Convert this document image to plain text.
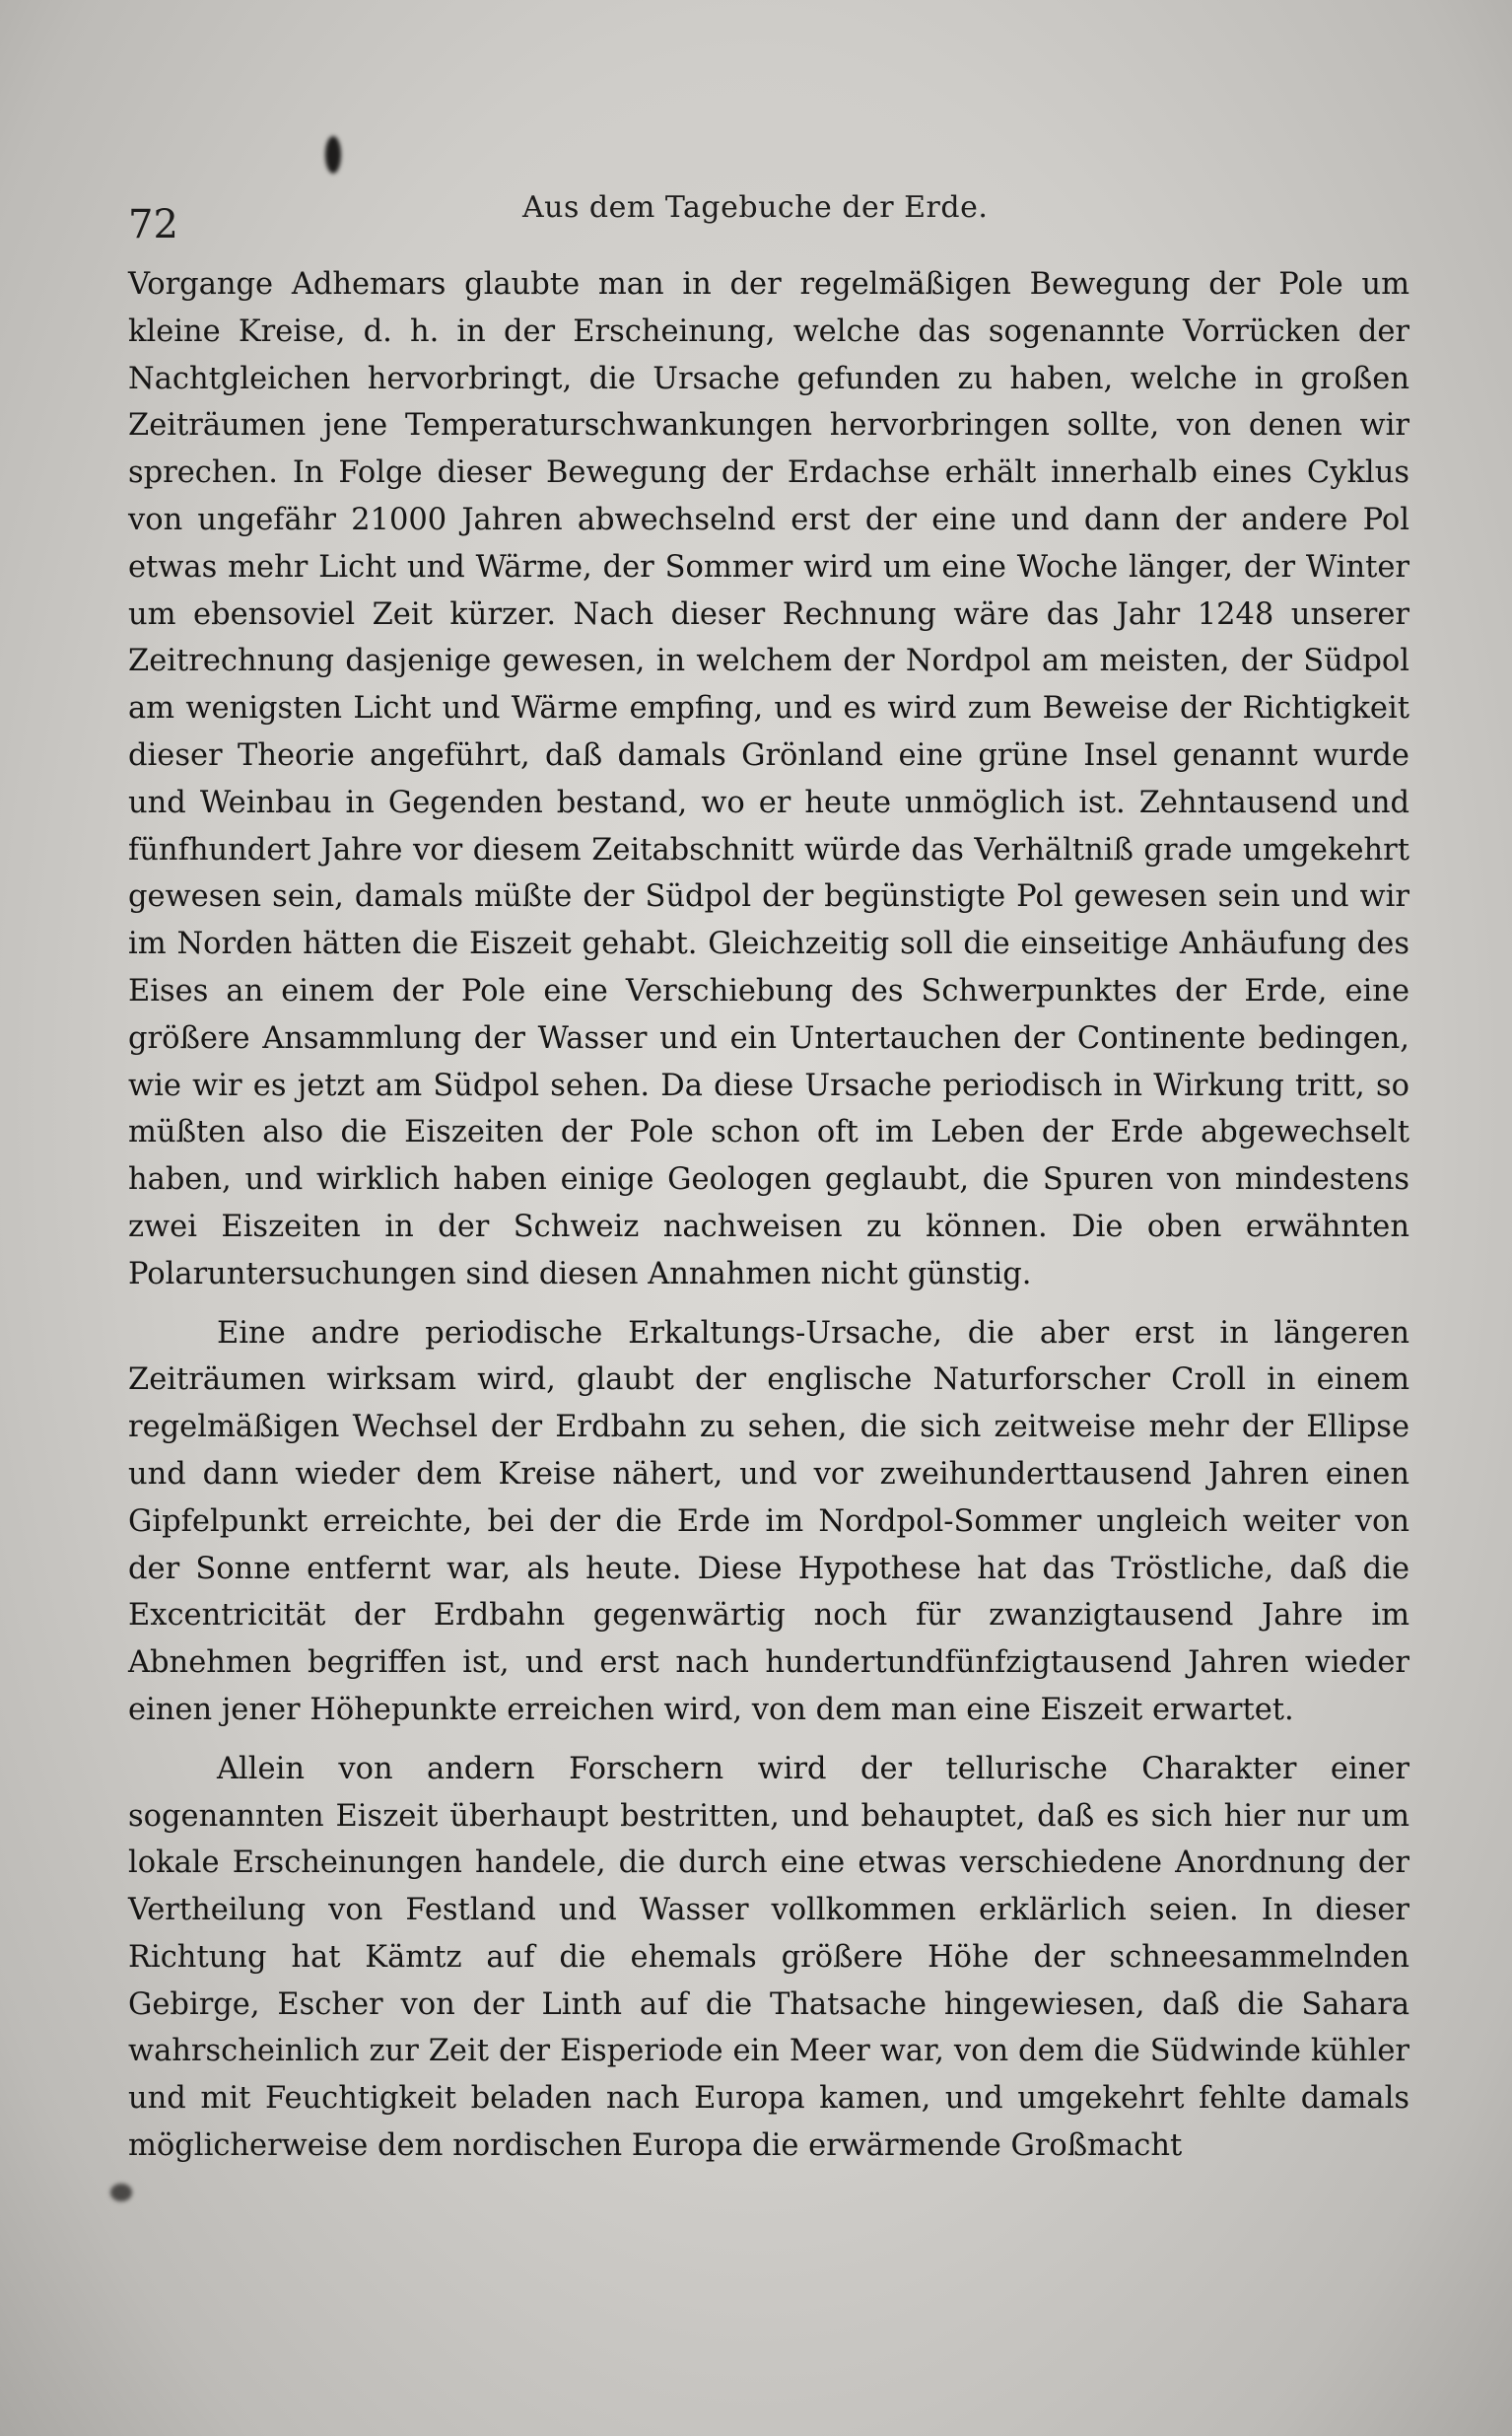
72	Aus dem Tagebuche der Erde.

Vorgange Adhemars glaubte man in der regelmäßigen Bewegung der Pole um kleine Kreise, d. h. in der Erscheinung, welche das sogenannte Vorrücken der Nachtgleichen hervorbringt, die Ursache gefunden zu haben, welche in großen Zeiträumen jene Temperaturschwankungen hervorbringen sollte, von denen wir sprechen. In Folge dieser Bewegung der Erdachse erhält innerhalb eines Cyklus von ungefähr 21000 Jahren abwechselnd erst der eine und dann der andere Pol etwas mehr Licht und Wärme, der Sommer wird um eine Woche länger, der Winter um ebensoviel Zeit kürzer. Nach dieser Rechnung wäre das Jahr 1248 unserer Zeitrechnung dasjenige gewesen, in welchem der Nordpol am meisten, der Südpol am wenigsten Licht und Wärme empfing, und es wird zum Beweise der Richtigkeit dieser Theorie angeführt, daß damals Grönland eine grüne Insel genannt wurde und Weinbau in Gegenden bestand, wo er heute unmöglich ist. Zehntausend und fünfhundert Jahre vor diesem Zeitabschnitt würde das Verhältniß grade umgekehrt gewesen sein, damals müßte der Südpol der begünstigte Pol gewesen sein und wir im Norden hätten die Eiszeit gehabt. Gleichzeitig soll die einseitige Anhäufung des Eises an einem der Pole eine Verschiebung des Schwerpunktes der Erde, eine größere Ansammlung der Wasser und ein Untertauchen der Continente bedingen, wie wir es jetzt am Südpol sehen. Da diese Ursache periodisch in Wirkung tritt, so müßten also die Eiszeiten der Pole schon oft im Leben der Erde abgewechselt haben, und wirklich haben einige Geologen geglaubt, die Spuren von mindestens zwei Eiszeiten in der Schweiz nachweisen zu können. Die oben erwähnten Polaruntersuchungen sind diesen Annahmen nicht günstig.

Eine andre periodische Erkaltungs-Ursache, die aber erst in längeren Zeiträumen wirksam wird, glaubt der englische Naturforscher Croll in einem regelmäßigen Wechsel der Erdbahn zu sehen, die sich zeitweise mehr der Ellipse und dann wieder dem Kreise nähert, und vor zweihunderttausend Jahren einen Gipfelpunkt erreichte, bei der die Erde im Nordpol-Sommer ungleich weiter von der Sonne entfernt war, als heute. Diese Hypothese hat das Tröstliche, daß die Excentricität der Erdbahn gegenwärtig noch für zwanzigtausend Jahre im Abnehmen begriffen ist, und erst nach hundertundfünfzigtausend Jahren wieder einen jener Höhepunkte erreichen wird, von dem man eine Eiszeit erwartet.

Allein von andern Forschern wird der tellurische Charakter einer sogenannten Eiszeit überhaupt bestritten, und behauptet, daß es sich hier nur um lokale Erscheinungen handele, die durch eine etwas verschiedene Anordnung der Vertheilung von Festland und Wasser vollkommen erklärlich seien. In dieser Richtung hat Kämtz auf die ehemals größere Höhe der schneesammelnden Gebirge, Escher von der Linth auf die Thatsache hingewiesen, daß die Sahara wahrscheinlich zur Zeit der Eisperiode ein Meer war, von dem die Südwinde kühler und mit Feuchtigkeit beladen nach Europa kamen, und umgekehrt fehlte damals möglicherweise dem nordischen Europa die erwärmende Großmacht
